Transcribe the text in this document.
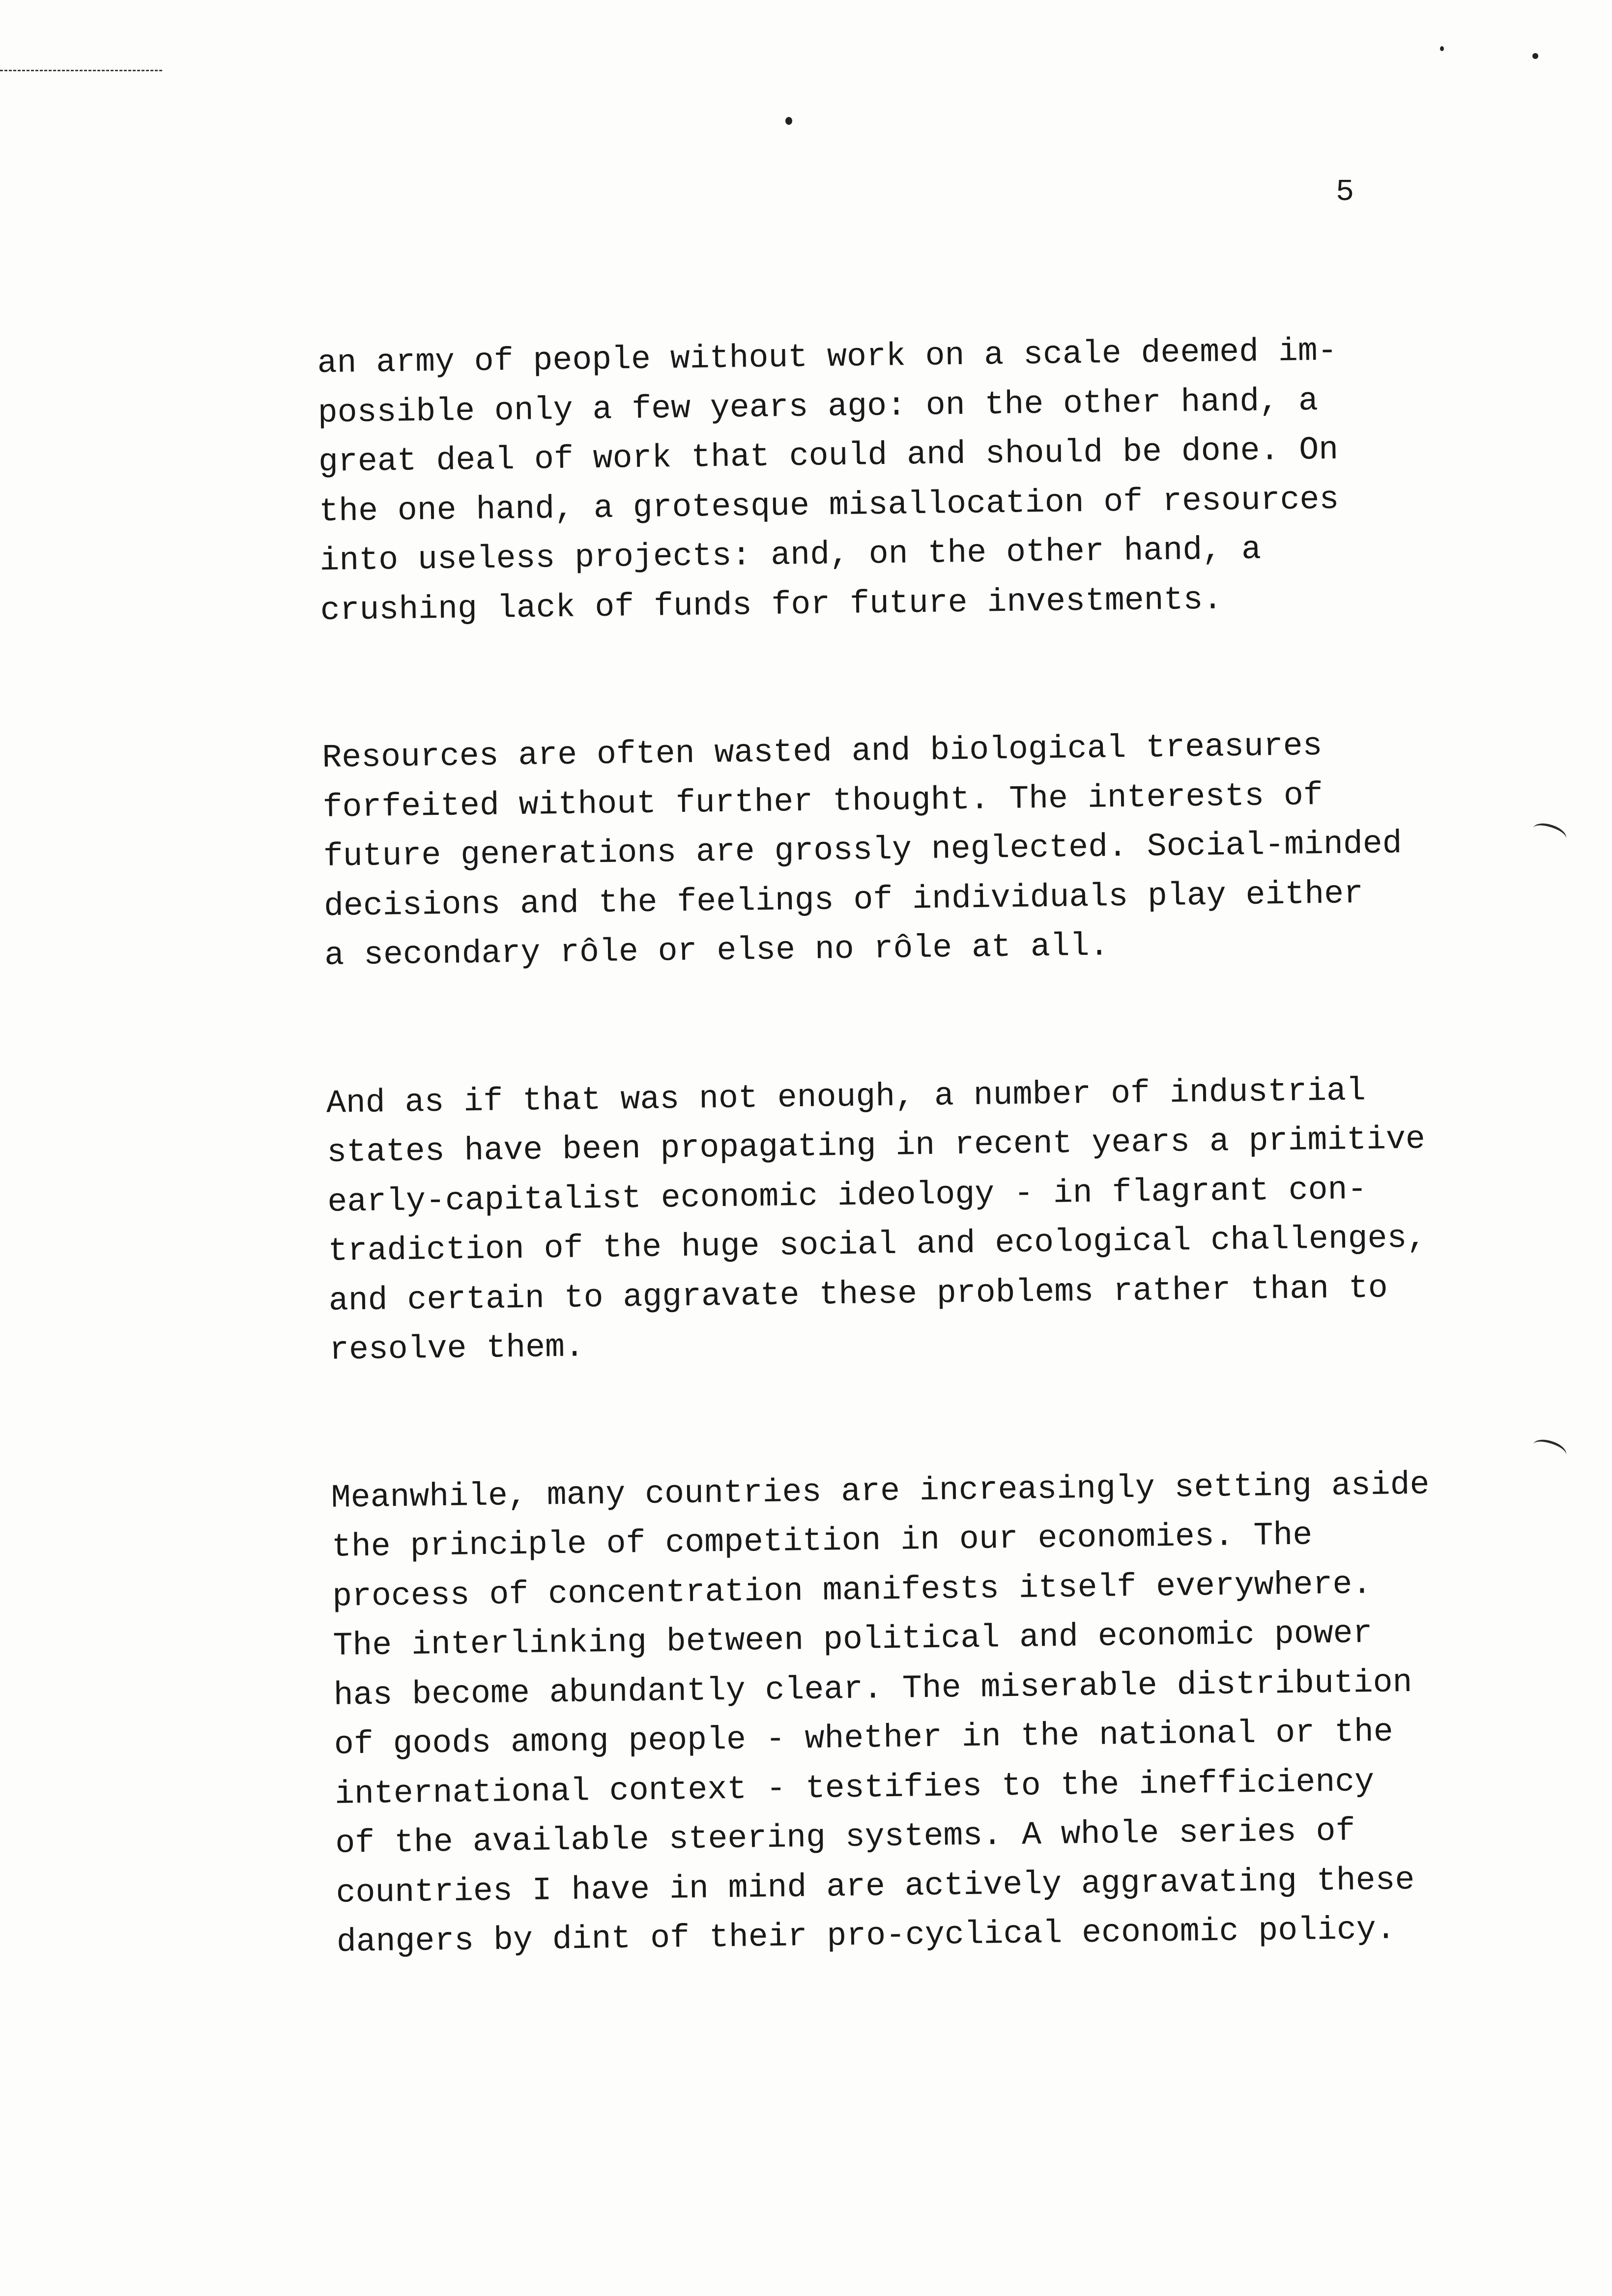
5

an army of people without work on a scale deemed im-
possible only a few years ago: on the other hand, a
great deal of work that could and should be done. On
the one hand, a grotesque misallocation of resources
into useless projects: and, on the other hand, a
crushing lack of funds for future investments.
Resources are often wasted and biological treasures
forfeited without further thought. The interests of
future generations are grossly neglected. Social-minded
decisions and the feelings of individuals play either
a secondary rôle or else no rôle at all.
And as if that was not enough, a number of industrial
states have been propagating in recent years a primitive
early-capitalist economic ideology - in flagrant con-
tradiction of the huge social and ecological challenges,
and certain to aggravate these problems rather than to
resolve them.
Meanwhile, many countries are increasingly setting aside
the principle of competition in our economies. The
process of concentration manifests itself everywhere.
The interlinking between political and economic power
has become abundantly clear. The miserable distribution
of goods among people - whether in the national or the
international context - testifies to the inefficiency
of the available steering systems. A whole series of
countries I have in mind are actively aggravating these
dangers by dint of their pro-cyclical economic policy.
